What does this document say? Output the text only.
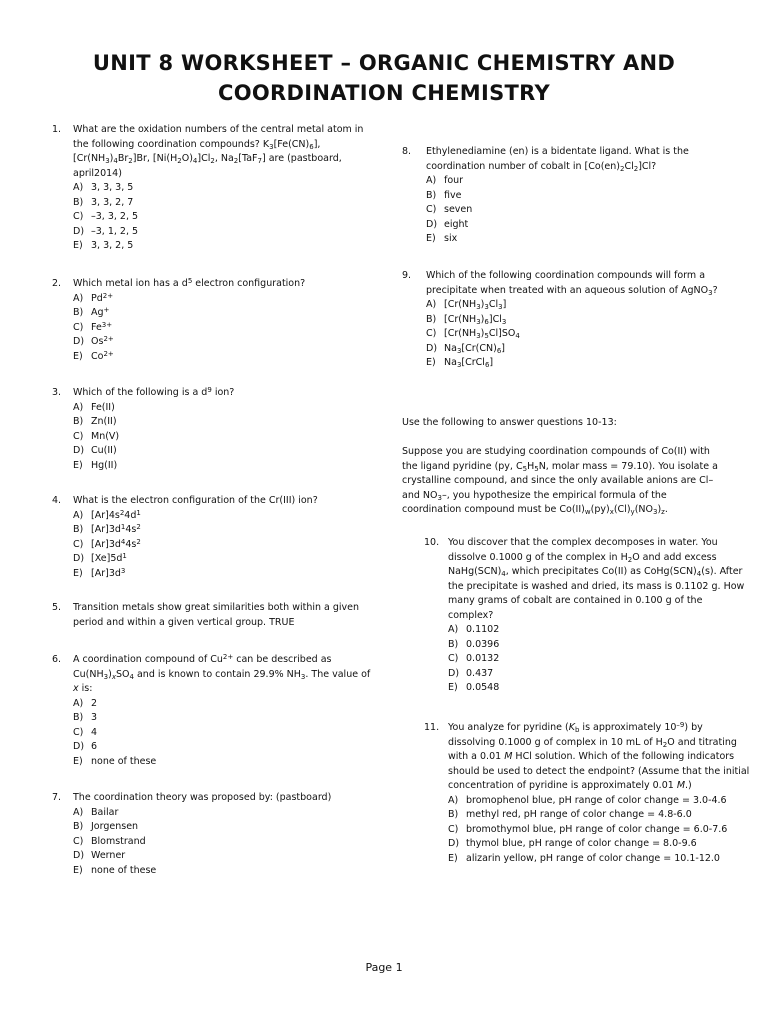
UNIT 8 WORKSHEET – ORGANIC CHEMISTRY AND COORDINATION CHEMISTRY
1. What are the oxidation numbers of the central metal atom in the following coordination compounds? $K_3[Fe(CN)_6]$, $[Cr(NH_3)_4Br_2]Br$, $[Ni(H_2O)_4]Cl_2$, $Na_2[TaF_7]$ are (pastboard, april2014)
A) 3, 3, 3, 5
B) 3, 3, 2, 7
C) –3, 3, 2, 5
D) –3, 1, 2, 5
E) 3, 3, 2, 5
2. Which metal ion has a $d^5$ electron configuration?
A) $Pd^{2+}$
B) Ag+
C) $Fe^{3+}$
D) $Os^{2+}$
E) $Co^{2+}$
3. Which of the following is a $d^9$ ion?
A) Fe(II)
B) Zn(II)
C) Mn(V)
D) Cu(II)
E) Hg(II)
4. What is the electron configuration of the Cr(III) ion?
A) $[Ar]4s^24d^1$
B) $[Ar]3d^14s^2$
C) $[Ar]3d^44s^2$
D) $[Xe]5d^1$
E) $[Ar]3d^3$
5. Transition metals show great similarities both within a given period and within a given vertical group. TRUE
6. A coordination compound of $Cu^{2+}$ can be described as $Cu(NH_3)_xSO_4$ and is known to contain 29.9% $NH_3$. The value of x is:
A) 2
B) 3
C) 4
D) 6
E) none of these
7. The coordination theory was proposed by: (pastboard)
A) Bailar
B) Jorgensen
C) Blomstrand
D) Werner
E) none of these
8. Ethylenediamine (en) is a bidentate ligand. What is the coordination number of cobalt in $[Co(en)_2Cl_2]Cl$?
A) four
B) five
C) seven
D) eight
E) six
9. Which of the following coordination compounds will form a precipitate when treated with an aqueous solution of AgNO$_3$?
A) $[Cr(NH_3)_3Cl_3]$
B) $[Cr(NH_3)_6]Cl_3$
C) $[Cr(NH_3)_5Cl]SO_4$
D) $Na_3[Cr(CN)_6]$
E) $Na_3[CrCl_6]$
Use the following to answer questions 10-13:
Suppose you are studying coordination compounds of Co(II) with the ligand pyridine (py, $C_5H_5N$, molar mass = 79.10). You isolate a crystalline compound, and since the only available anions are Cl– and $NO_3-$, you hypothesize the empirical formula of the coordination compound must be $Co(II)_w(py)_x(Cl)_y(NO_3)_z$.
10. You discover that the complex decomposes in water. You dissolve 0.1000 g of the complex in $H_2O$ and add excess $NaHg(SCN)_4$, which precipitates Co(II) as $CoHg(SCN)_4(s)$. After the precipitate is washed and dried, its mass is 0.1102 g. How many grams of cobalt are contained in 0.100 g of the complex?
A) 0.1102
B) 0.0396
C) 0.0132
D) 0.437
E) 0.0548
11. You analyze for pyridine ($K_b$ is approximately $10^{-9}$) by dissolving 0.1000 g of complex in 10 mL of $H_2O$ and titrating with a 0.01 M HCl solution. Which of the following indicators should be used to detect the endpoint? (Assume that the initial concentration of pyridine is approximately 0.01 M.)
A) bromophenol blue, pH range of color change = 3.0-4.6
B) methyl red, pH range of color change = 4.8-6.0
C) bromothymol blue, pH range of color change = 6.0-7.6
D) thymol blue, pH range of color change = 8.0-9.6
E) alizarin yellow, pH range of color change = 10.1-12.0
Page 1
